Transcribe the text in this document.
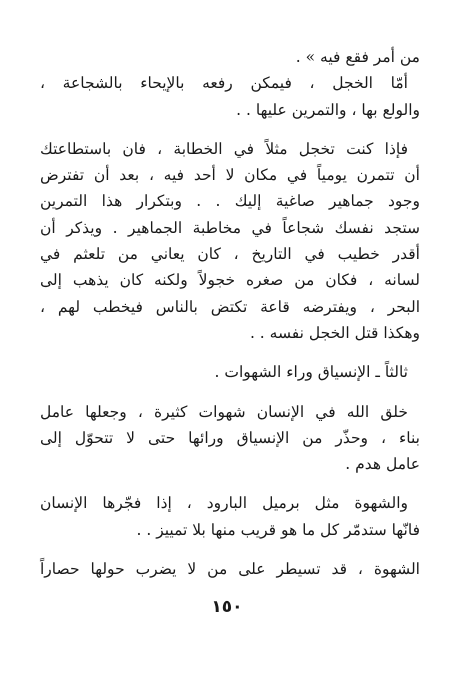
من أمر فقع فيه » .

أمّا الخجل ، فيمكن رفعه بالإيحاء بالشجاعة ،
والولع بها ، والتمرين عليها . .

فإذا كنت تخجل مثلاً في الخطابة ، فان باستطاعتك
أن تتمرن يومياً في مكان لا أحد فيه ، بعد أن تفترض
وجود جماهير صاغية إليك . . وبتكرار هذا التمرين
ستجد نفسك شجاعاً في مخاطبة الجماهير . ويذكر أن
أقدر خطيب في التاريخ ، كان يعاني من تلعثم في
لسانه ، فكان من صغره خجولاً ولكنه كان يذهب إلى
البحر ، ويفترضه قاعة تكتض بالناس فيخطب لهم ،
وهكذا قتل الخجل نفسه . .

ثالثاً ـ الإنسياق وراء الشهوات .

خلق الله في الإنسان شهوات كثيرة ، وجعلها عامل
بناء ، وحذّر من الإنسياق ورائها حتى لا تتحوّل إلى
عامل هدم .

والشهوة مثل برميل البارود ، إذا فجّرها الإنسان
فانّها ستدمّر كل ما هو قريب منها بلا تمييز . .

الشهوة ، قد تسيطر على من لا يضرب حولها حصاراً

١٥٠
